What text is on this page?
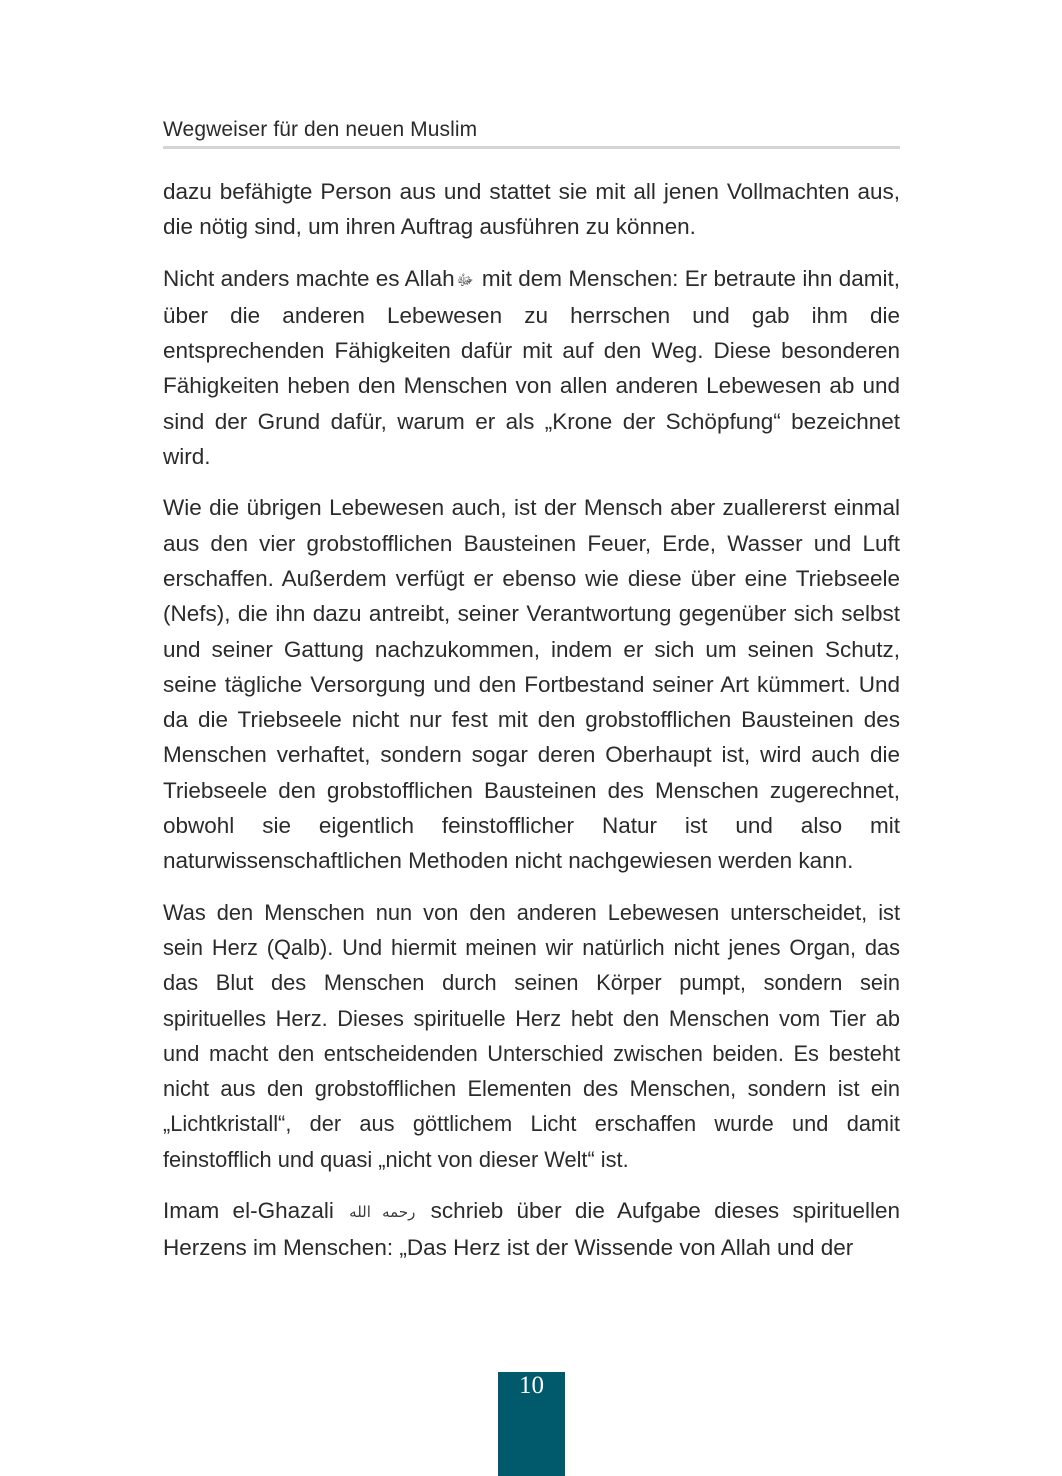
Wegweiser für den neuen Muslim

dazu befähigte Person aus und stattet sie mit all jenen Vollmachten aus, die nötig sind, um ihren Auftrag ausführen zu können.

Nicht anders machte es Allah ﷻ mit dem Menschen: Er betraute ihn damit, über die anderen Lebewesen zu herrschen und gab ihm die entsprechenden Fähigkeiten dafür mit auf den Weg. Diese besonderen Fähigkeiten heben den Menschen von allen anderen Lebewesen ab und sind der Grund dafür, warum er als „Krone der Schöpfung“ bezeichnet wird.

Wie die übrigen Lebewesen auch, ist der Mensch aber zuallererst einmal aus den vier grobstofflichen Bausteinen Feuer, Erde, Wasser und Luft erschaffen. Außerdem verfügt er ebenso wie diese über eine Triebseele (Nefs), die ihn dazu antreibt, seiner Verantwortung gegenüber sich selbst und seiner Gattung nachzukommen, indem er sich um seinen Schutz, seine tägliche Versorgung und den Fortbestand seiner Art kümmert. Und da die Triebseele nicht nur fest mit den grobstofflichen Bausteinen des Menschen verhaftet, sondern sogar deren Oberhaupt ist, wird auch die Triebseele den grobstofflichen Bausteinen des Menschen zugerechnet, obwohl sie eigentlich feinstofflicher Natur ist und also mit naturwissenschaftlichen Methoden nicht nachgewiesen werden kann.

Was den Menschen nun von den anderen Lebewesen unterscheidet, ist sein Herz (Qalb). Und hiermit meinen wir natürlich nicht jenes Organ, das das Blut des Menschen durch seinen Körper pumpt, sondern sein spirituelles Herz. Dieses spirituelle Herz hebt den Menschen vom Tier ab und macht den entscheidenden Unterschied zwischen beiden. Es besteht nicht aus den grobstofflichen Elementen des Menschen, sondern ist ein „Lichtkristall“, der aus göttlichem Licht erschaffen wurde und damit feinstofflich und quasi „nicht von dieser Welt“ ist.

Imam el-Ghazali رحمه الله schrieb über die Aufgabe dieses spirituellen Herzens im Menschen: „Das Herz ist der Wissende von Allah und der

10
